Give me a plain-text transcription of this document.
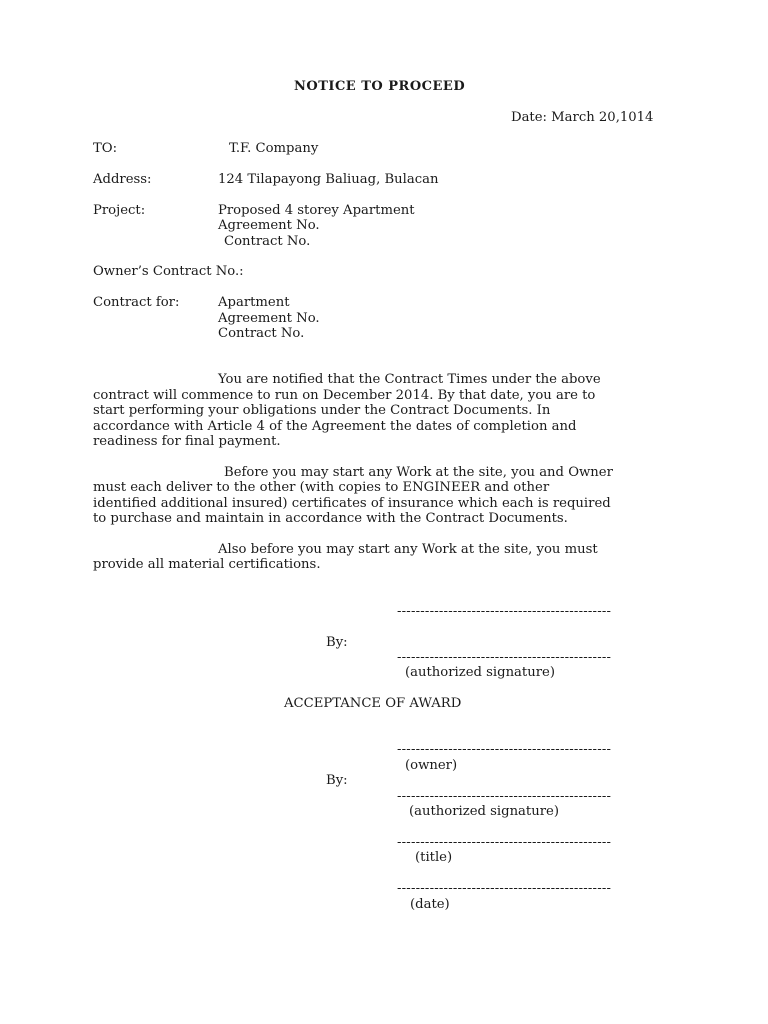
NOTICE TO PROCEED
Date: March 20,1014
TO:	T.F. Company
Address:	124 Tilapayong Baliuag, Bulacan
Project:	Proposed 4 storey Apartment
Agreement No.
Contract No.
Owner’s Contract No.:
Contract for:	Apartment
Agreement No.
Contract No.
You are notified that the Contract Times under the above
contract will commence to run on December 2014. By that date, you are to
start performing your obligations under the Contract Documents. In
accordance with Article 4 of the Agreement the dates of completion and
readiness for final payment.
Before you may start any Work at the site, you and Owner
must each deliver to the other (with copies to ENGINEER and other
identified additional insured) certificates of insurance which each is required
to purchase and maintain in accordance with the Contract Documents.
Also before you may start any Work at the site, you must
provide all material certifications.
----------------------------------------------
By:
----------------------------------------------
(authorized signature)
ACCEPTANCE OF AWARD
----------------------------------------------
(owner)
By:
----------------------------------------------
(authorized signature)
----------------------------------------------
(title)
----------------------------------------------
(date)
